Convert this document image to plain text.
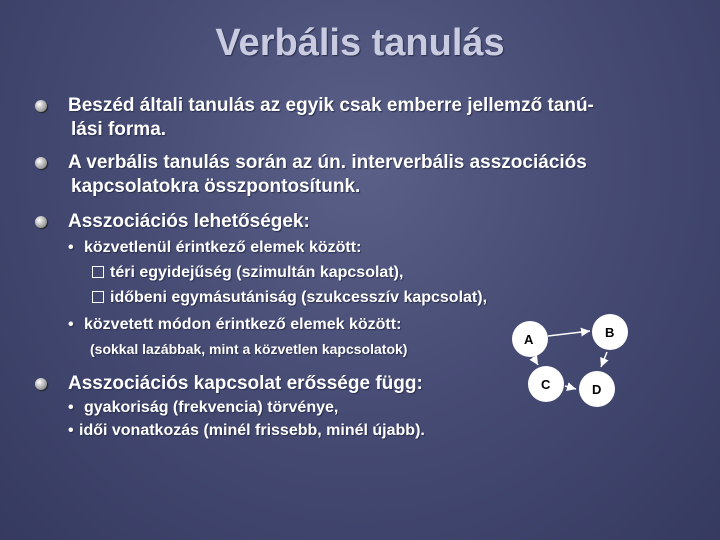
Verbális tanulás
Beszéd általi tanulás az egyik csak emberre jellemző tanú-
lási forma.
A verbális tanulás során az ún. interverbális asszociációs
kapcsolatokra összpontosítunk.
Asszociációs lehetőségek:
• közvetlenül érintkező elemek között:
téri egyidejűség (szimultán kapcsolat),
időbeni egymásutániság (szukcesszív kapcsolat),
• közvetett módon érintkező elemek között:
(sokkal lazábbak, mint a közvetlen kapcsolatok)
Asszociációs kapcsolat erőssége függ:
• gyakoriság (frekvencia) törvénye,
• idői vonatkozás (minél frissebb, minél újabb).
A	B
C	D
